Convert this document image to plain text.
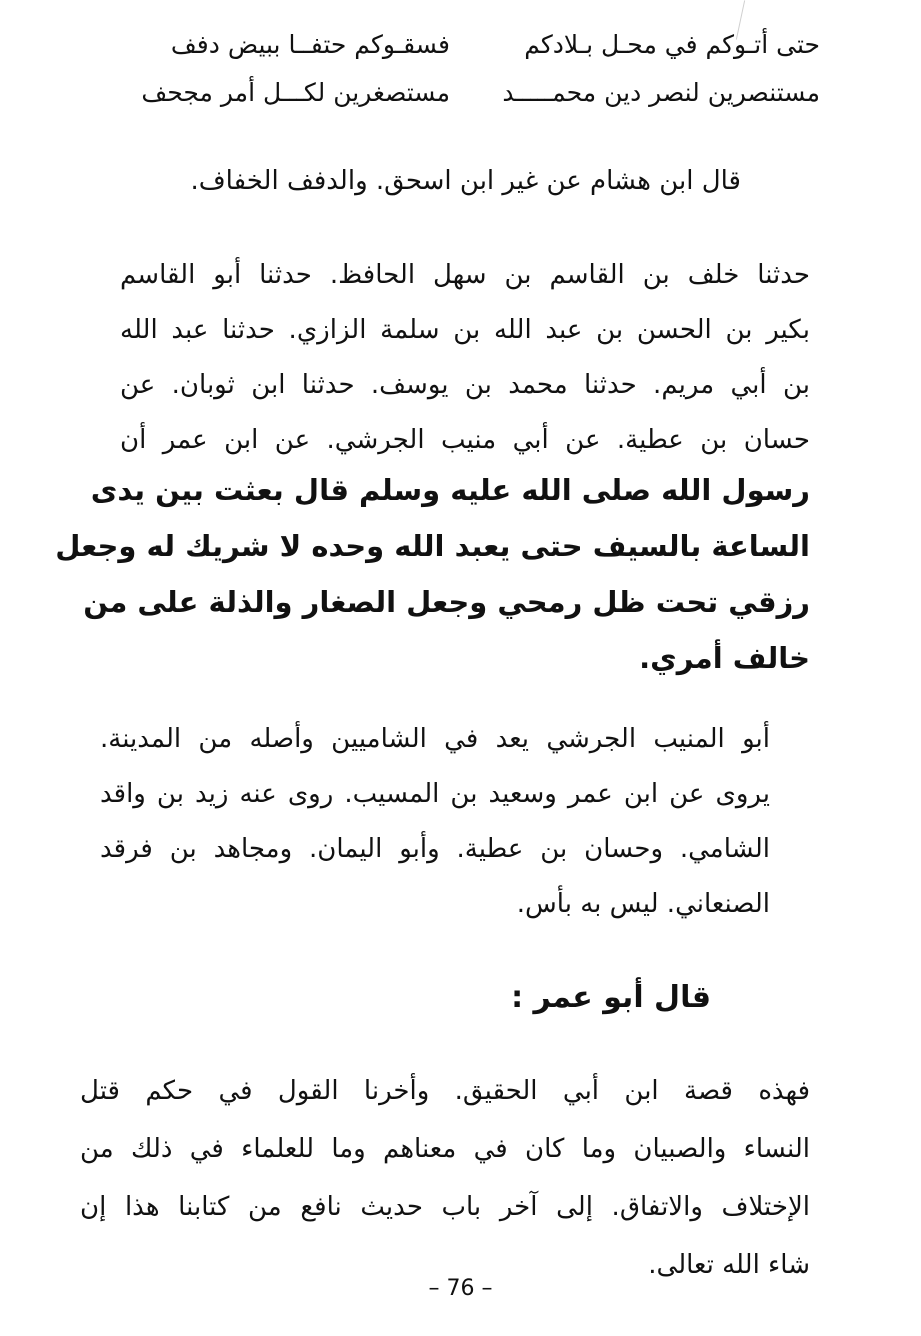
حتى أتـوكم في محـل بـلادكم
فسقـوكم حتفــا ببيض دفف
مستنصرين لنصر دين محمـــــد
مستصغرين لكـــل أمر مجحف
قال ابن هشام عن غير ابن اسحق. والدفف الخفاف.
حدثنا خلف بن القاسم بن سهل الحافظ. حدثنا أبو القاسم
بكير بن الحسن بن عبد الله بن سلمة الزازي. حدثنا عبد الله
بن أبي مريم. حدثنا محمد بن يوسف. حدثنا ابن ثوبان. عن
حسان بن عطية. عن أبي منيب الجرشي. عن ابن عمر أن
رسول الله صلى الله عليه وسلم قال بعثت بين يدى
الساعة بالسيف حتى يعبد الله وحده لا شريك له وجعل
رزقي تحت ظل رمحي وجعل الصغار والذلة على من
خالف أمري.
أبو المنيب الجرشي يعد في الشاميين وأصله من المدينة.
يروى عن ابن عمر وسعيد بن المسيب. روى عنه زيد بن واقد
الشامي. وحسان بن عطية. وأبو اليمان. ومجاهد بن فرقد
الصنعاني. ليس به بأس.
قال أبو عمر :
فهذه قصة ابن أبي الحقيق. وأخرنا القول في حكم قتل
النساء والصبيان وما كان في معناهم وما للعلماء في ذلك من
الإختلاف والاتفاق. إلى آخر باب حديث نافع من كتابنا هذا إن
شاء الله تعالى.
– 76 –
